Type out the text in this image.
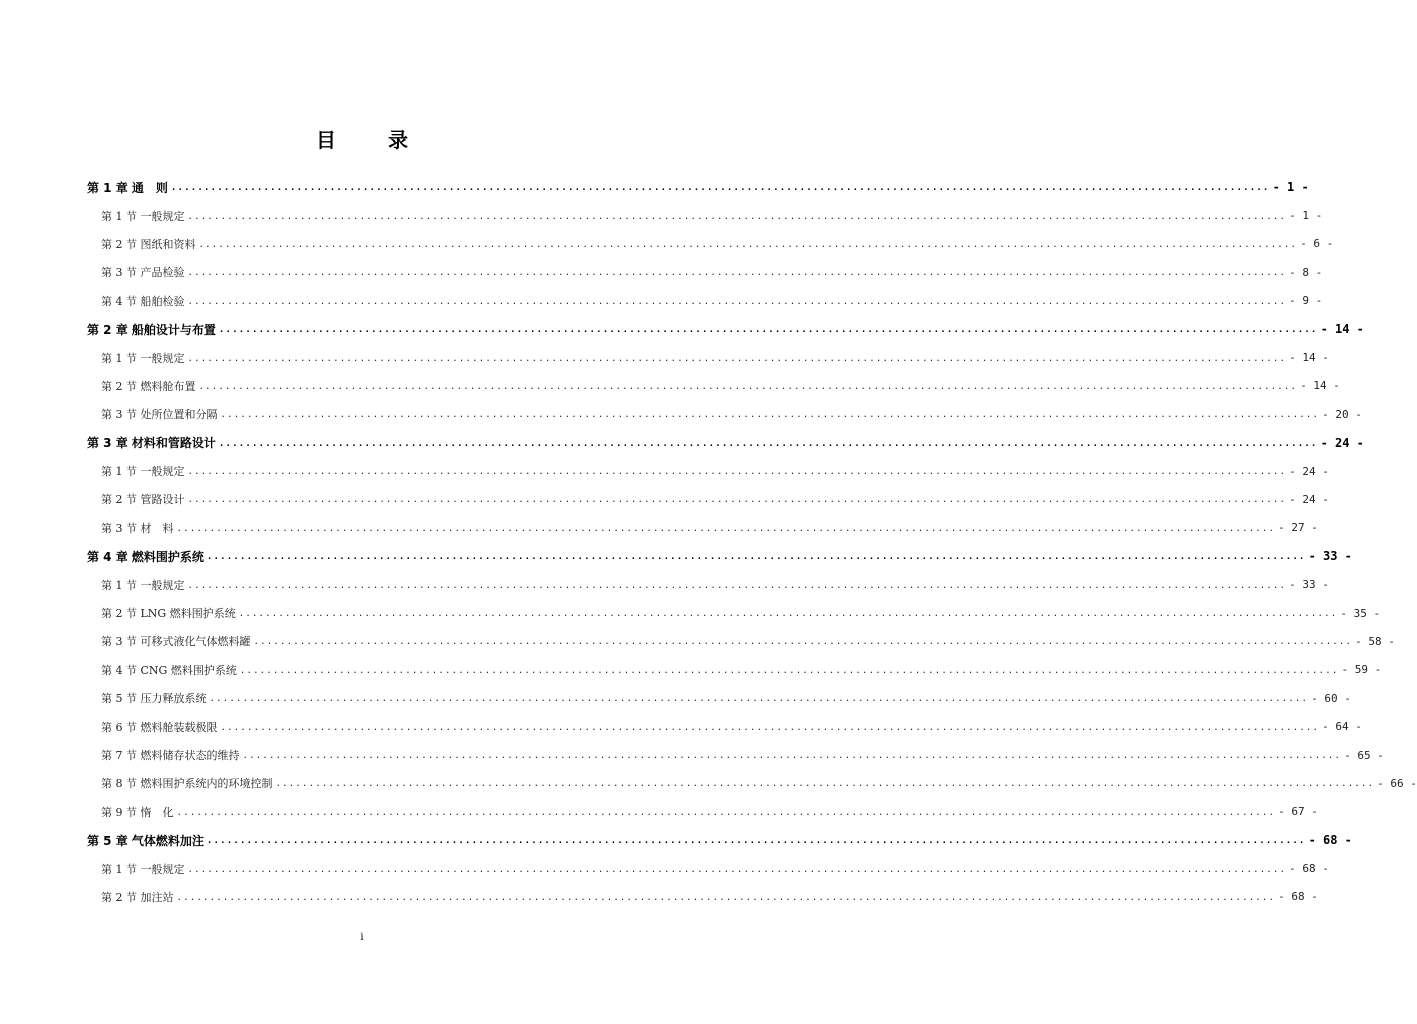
目　录
第 1 章 通　则 ...................................................................................................................................................................... - 1 -
第 1 节 一般规定 ...................................................................................................................................................................... - 1 -
第 2 节 图纸和资料 ...................................................................................................................................................................... - 6 -
第 3 节 产品检验 ...................................................................................................................................................................... - 8 -
第 4 节 船舶检验 ...................................................................................................................................................................... - 9 -
第 2 章 船舶设计与布置 ...................................................................................................................................................................... - 14 -
第 1 节 一般规定 ...................................................................................................................................................................... - 14 -
第 2 节 燃料舱布置 ...................................................................................................................................................................... - 14 -
第 3 节 处所位置和分隔 ...................................................................................................................................................................... - 20 -
第 3 章 材料和管路设计 ...................................................................................................................................................................... - 24 -
第 1 节 一般规定 ...................................................................................................................................................................... - 24 -
第 2 节 管路设计 ...................................................................................................................................................................... - 24 -
第 3 节 材　料 ...................................................................................................................................................................... - 27 -
第 4 章 燃料围护系统 ...................................................................................................................................................................... - 33 -
第 1 节 一般规定 ...................................................................................................................................................................... - 33 -
第 2 节 LNG 燃料围护系统 ...................................................................................................................................................................... - 35 -
第 3 节 可移式液化气体燃料罐 ...................................................................................................................................................................... - 58 -
第 4 节 CNG 燃料围护系统 ...................................................................................................................................................................... - 59 -
第 5 节 压力释放系统 ...................................................................................................................................................................... - 60 -
第 6 节 燃料舱装载极限 ...................................................................................................................................................................... - 64 -
第 7 节 燃料储存状态的维持 ...................................................................................................................................................................... - 65 -
第 8 节 燃料围护系统内的环境控制 ...................................................................................................................................................................... - 66 -
第 9 节 惰　化 ...................................................................................................................................................................... - 67 -
第 5 章 气体燃料加注 ...................................................................................................................................................................... - 68 -
第 1 节 一般规定 ...................................................................................................................................................................... - 68 -
第 2 节 加注站 ...................................................................................................................................................................... - 68 -
i
